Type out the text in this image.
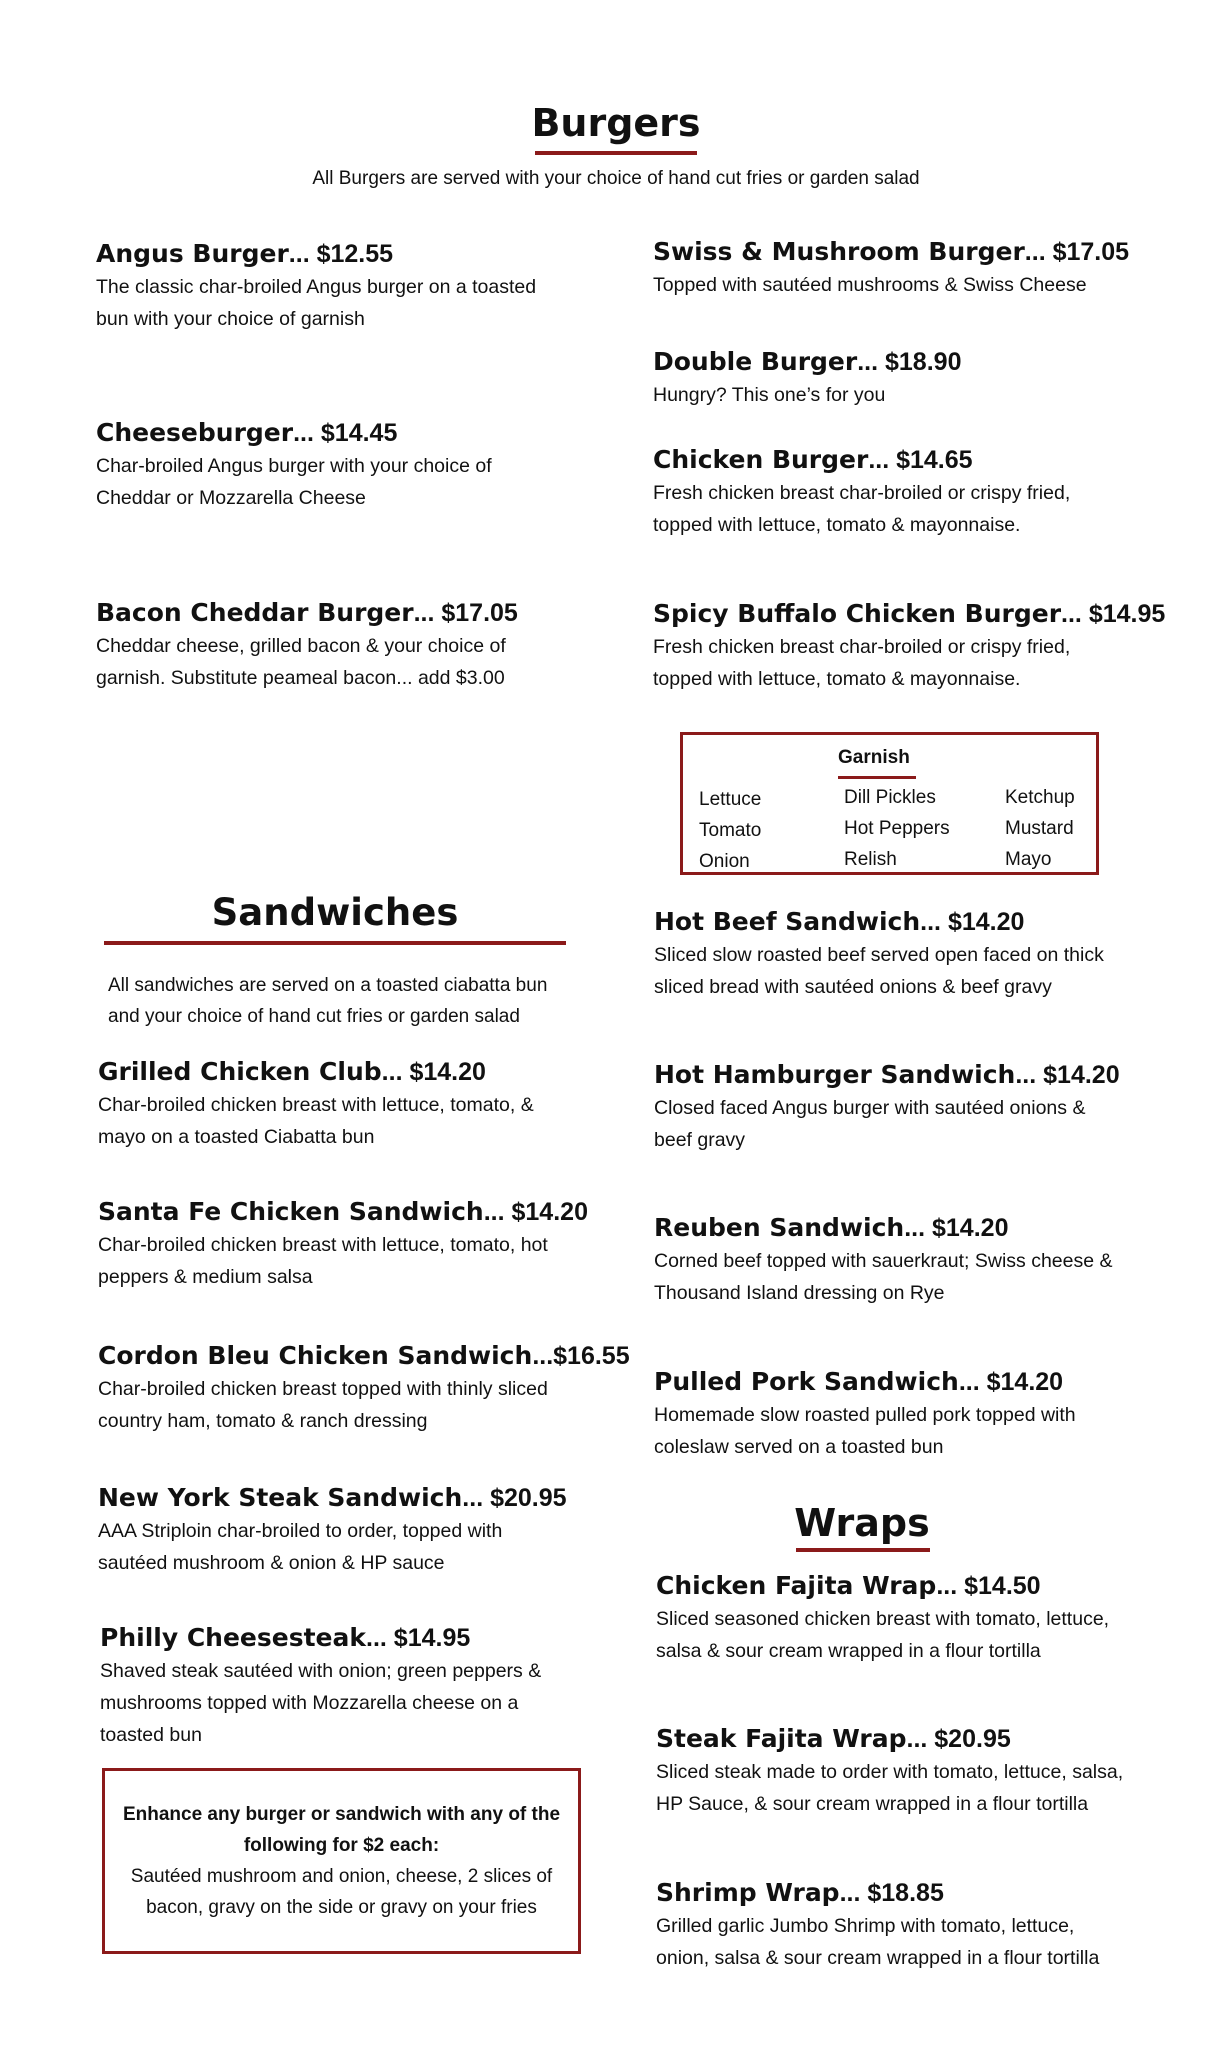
Burgers
All Burgers are served with your choice of hand cut fries or garden salad
Angus Burger... $12.55
The classic char-broiled Angus burger on a toasted bun with your choice of garnish
Cheeseburger... $14.45
Char-broiled Angus burger with your choice of Cheddar or Mozzarella Cheese
Bacon Cheddar Burger... $17.05
Cheddar cheese, grilled bacon & your choice of garnish. Substitute peameal bacon... add $3.00
Swiss & Mushroom Burger... $17.05
Topped with sautéed mushrooms & Swiss Cheese
Double Burger... $18.90
Hungry? This one’s for you
Chicken Burger... $14.65
Fresh chicken breast char-broiled or crispy fried, topped with lettuce, tomato & mayonnaise.
Spicy Buffalo Chicken Burger... $14.95
Fresh chicken breast char-broiled or crispy fried, topped with lettuce, tomato & mayonnaise.
Garnish
Lettuce
Tomato
Onion
Dill Pickles
Hot Peppers
Relish
Ketchup
Mustard
Mayo
Sandwiches
All sandwiches are served on a toasted ciabatta bun
and your choice of hand cut fries or garden salad
Grilled Chicken Club... $14.20
Char-broiled chicken breast with lettuce, tomato, & mayo on a toasted Ciabatta bun
Santa Fe Chicken Sandwich... $14.20
Char-broiled chicken breast with lettuce, tomato, hot peppers & medium salsa
Cordon Bleu Chicken Sandwich...$16.55
Char-broiled chicken breast topped with thinly sliced country ham, tomato & ranch dressing
New York Steak Sandwich... $20.95
AAA Striploin char-broiled to order, topped with sautéed mushroom & onion & HP sauce
Philly Cheesesteak... $14.95
Shaved steak sautéed with onion; green peppers & mushrooms topped with Mozzarella cheese on a toasted bun
Hot Beef Sandwich... $14.20
Sliced slow roasted beef served open faced on thick sliced bread with sautéed onions & beef gravy
Hot Hamburger Sandwich... $14.20
Closed faced Angus burger with sautéed onions & beef gravy
Reuben Sandwich... $14.20
Corned beef topped with sauerkraut; Swiss cheese & Thousand Island dressing on Rye
Pulled Pork Sandwich... $14.20
Homemade slow roasted pulled pork topped with coleslaw served on a toasted bun
Enhance any burger or sandwich with any of the
following for $2 each:
Sautéed mushroom and onion, cheese, 2 slices of
bacon, gravy on the side or gravy on your fries
Wraps
Chicken Fajita Wrap... $14.50
Sliced seasoned chicken breast with tomato, lettuce, salsa & sour cream wrapped in a flour tortilla
Steak Fajita Wrap... $20.95
Sliced steak made to order with tomato, lettuce, salsa, HP Sauce, & sour cream wrapped in a flour tortilla
Shrimp Wrap... $18.85
Grilled garlic Jumbo Shrimp with tomato, lettuce, onion, salsa & sour cream wrapped in a flour tortilla
